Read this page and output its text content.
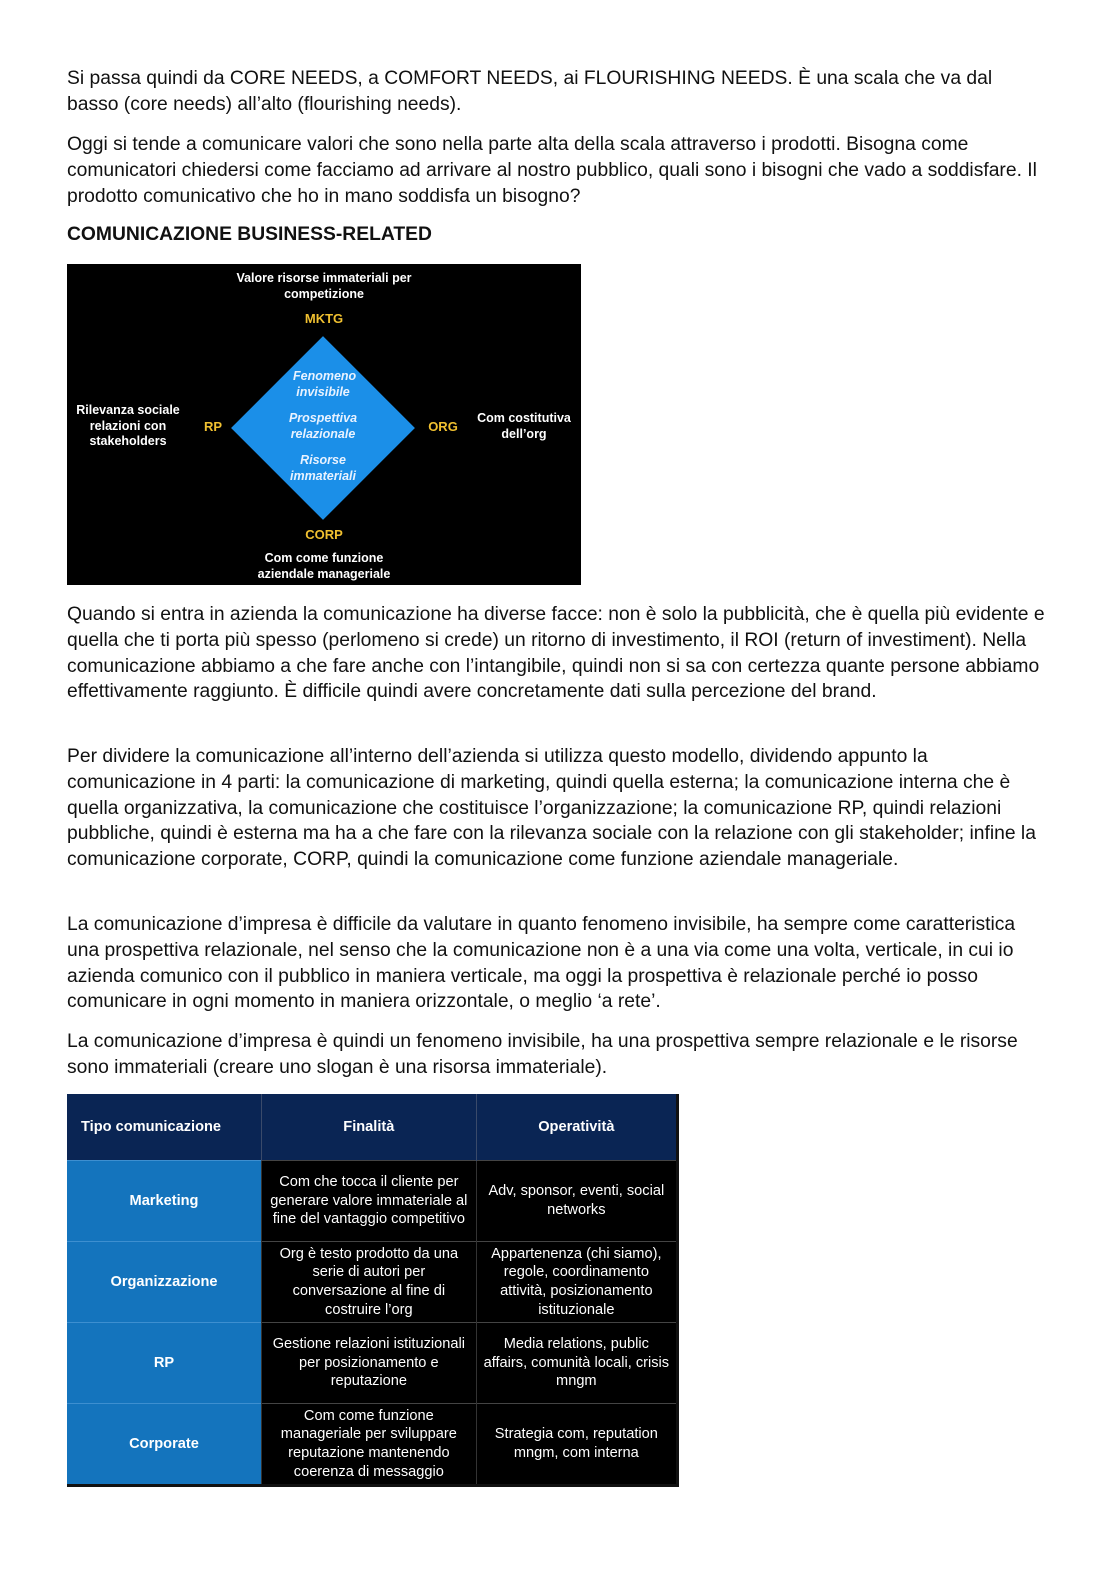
Si passa quindi da CORE NEEDS, a COMFORT NEEDS, ai FLOURISHING NEEDS. È una scala che va dal basso (core needs) all’alto (flourishing needs).

Oggi si tende a comunicare valori che sono nella parte alta della scala attraverso i prodotti. Bisogna come comunicatori chiedersi come facciamo ad arrivare al nostro pubblico, quali sono i bisogni che vado a soddisfare. Il prodotto comunicativo che ho in mano soddisfa un bisogno?

COMUNICAZIONE BUSINESS-RELATED
Valore risorse immateriali per competizione
MKTG
Rilevanza sociale relazioni con stakeholders
RP	ORG
Com costitutiva dell’org
Fenomeno invisibile
Prospettiva relazionale
Risorse immateriali
CORP
Com come funzione aziendale manageriale

Quando si entra in azienda la comunicazione ha diverse facce: non è solo la pubblicità, che è quella più evidente e quella che ti porta più spesso (perlomeno si crede) un ritorno di investimento, il ROI (return of investiment). Nella comunicazione abbiamo a che fare anche con l’intangibile, quindi non si sa con certezza quante persone abbiamo effettivamente raggiunto. È difficile quindi avere concretamente dati sulla percezione del brand.

Per dividere la comunicazione all’interno dell’azienda si utilizza questo modello, dividendo appunto la comunicazione in 4 parti: la comunicazione di marketing, quindi quella esterna; la comunicazione interna che è quella organizzativa, la comunicazione che costituisce l’organizzazione; la comunicazione RP, quindi relazioni pubbliche, quindi è esterna ma ha a che fare con la rilevanza sociale con la relazione con gli stakeholder; infine la comunicazione corporate, CORP, quindi la comunicazione come funzione aziendale manageriale.

La comunicazione d’impresa è difficile da valutare in quanto fenomeno invisibile, ha sempre come caratteristica una prospettiva relazionale, nel senso che la comunicazione non è a una via come una volta, verticale, in cui io azienda comunico con il pubblico in maniera verticale, ma oggi la prospettiva è relazionale perché io posso comunicare in ogni momento in maniera orizzontale, o meglio ‘a rete’.

La comunicazione d’impresa è quindi un fenomeno invisibile, ha una prospettiva sempre relazionale e le risorse sono immateriali (creare uno slogan è una risorsa immateriale).

Tipo comunicazione	Finalità	Operatività
Marketing	Com che tocca il cliente per generare valore immateriale al fine del vantaggio competitivo	Adv, sponsor, eventi, social networks
Organizzazione	Org è testo prodotto da una serie di autori per conversazione al fine di costruire l’org	Appartenenza (chi siamo), regole, coordinamento attività, posizionamento istituzionale
RP	Gestione relazioni istituzionali per posizionamento e reputazione	Media relations, public affairs, comunità locali, crisis mngm
Corporate	Com come funzione manageriale per sviluppare reputazione mantenendo coerenza di messaggio	Strategia com, reputation mngm, com interna
